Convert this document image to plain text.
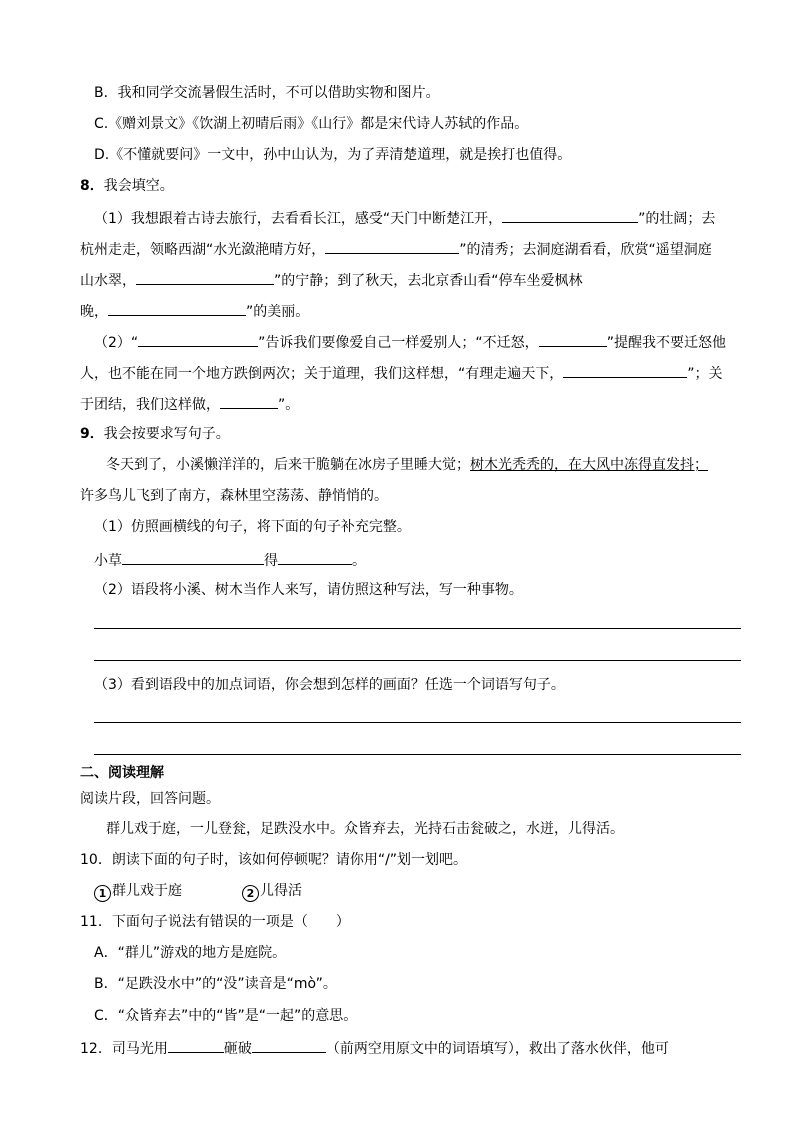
B．我和同学交流暑假生活时，不可以借助实物和图片。
C.《赠刘景文》《饮湖上初晴后雨》《山行》都是宋代诗人苏轼的作品。
D.《不懂就要问》一文中，孙中山认为，为了弄清楚道理，就是挨打也值得。
8．我会填空。
（1）我想跟着古诗去旅行，去看看长江，感受“天门中断楚江开，	”的壮阔；去
杭州走走，领略西湖“水光潋滟晴方好，	”的清秀；去洞庭湖看看，欣赏“遥望洞庭
山水翠，	”的宁静；到了秋天，去北京香山看“停车坐爱枫林
晚，	”的美丽。
（2）“	”告诉我们要像爱自己一样爱别人；“不迁怒，	”提醒我不要迁怒他
人，也不能在同一个地方跌倒两次；关于道理，我们这样想，“有理走遍天下，	”；关
于团结，我们这样做，	”。
9．我会按要求写句子。
冬天到了，小溪懒洋洋的，后来干脆躺在冰房子里睡大觉；树木光秃秃的，在大风中冻得直发抖；
许多鸟儿飞到了南方，森林里空荡荡、静悄悄的。
（1）仿照画横线的句子，将下面的句子补充完整。
小草	得	。
（2）语段将小溪、树木当作人来写，请仿照这种写法，写一种事物。
（3）看到语段中的加点词语，你会想到怎样的画面？任选一个词语写句子。
二、阅读理解
阅读片段，回答问题。
群儿戏于庭，一儿登瓮，足跌没水中。众皆弃去，光持石击瓮破之，水迸，儿得活。
10．朗读下面的句子时，该如何停顿呢？请你用“/”划一划吧。
1 群儿戏于庭	2 儿得活
11．下面句子说法有错误的一项是（　　）
A．“群儿”游戏的地方是庭院。
B．“足跌没水中”的“没”读音是“mò”。
C．“众皆弃去”中的“皆”是“一起”的意思。
12．司马光用	砸破	（前两空用原文中的词语填写），救出了落水伙伴，他可
